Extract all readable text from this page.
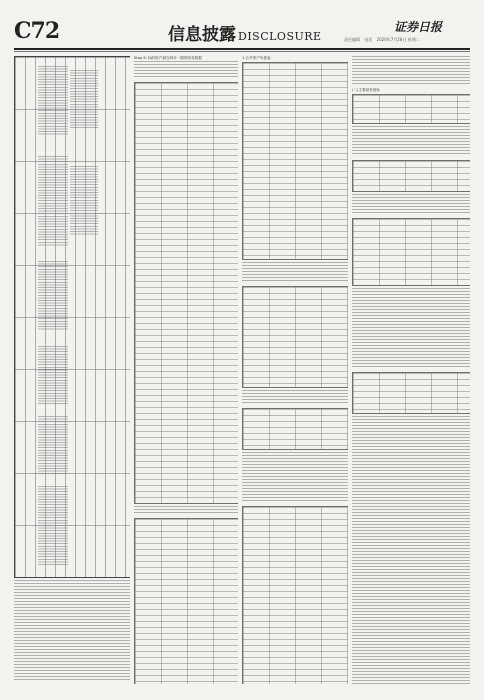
C72	信息披露 DISCLOSURE
证券日报
责任编辑 电话 2020年7月28日 星期二
Step 6: 标的资产最近两年一期的财务数据	1.合并资产负债表
(二)主要财务指标
